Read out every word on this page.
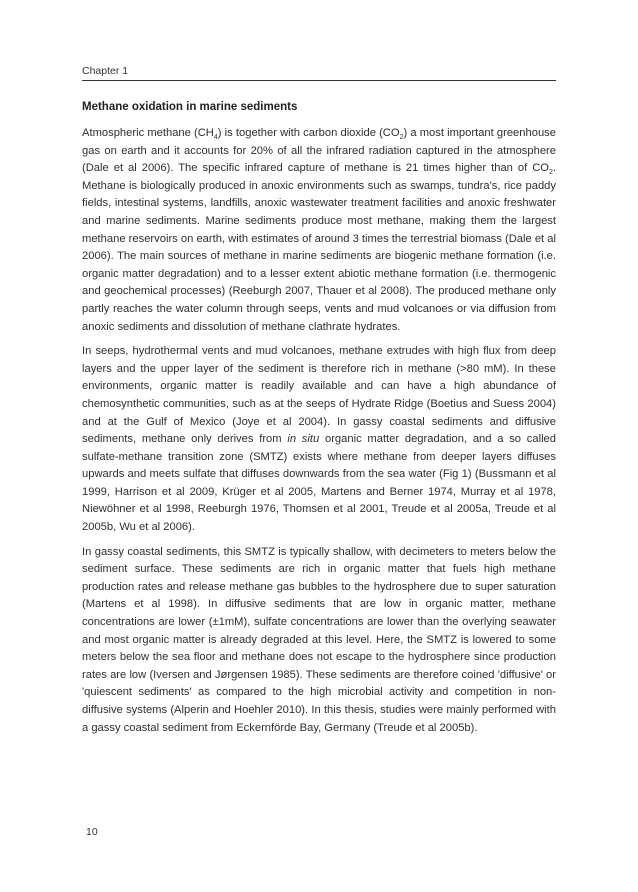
Chapter 1
Methane oxidation in marine sediments

Atmospheric methane $(CH_4)$ is together with carbon dioxide $(CO_2)$ a most important greenhouse gas on earth and it accounts for 20% of all the infrared radiation captured in the atmosphere (Dale et al 2006). The specific infrared capture of methane is 21 times higher than of $CO_2$. Methane is biologically produced in anoxic environments such as swamps, tundra's, rice paddy fields, intestinal systems, landfills, anoxic wastewater treatment facilities and anoxic freshwater and marine sediments. Marine sediments produce most methane, making them the largest methane reservoirs on earth, with estimates of around 3 times the terrestrial biomass (Dale et al 2006). The main sources of methane in marine sediments are biogenic methane formation (i.e. organic matter degradation) and to a lesser extent abiotic methane formation (i.e. thermogenic and geochemical processes) (Reeburgh 2007, Thauer et al 2008). The produced methane only partly reaches the water column through seeps, vents and mud volcanoes or via diffusion from anoxic sediments and dissolution of methane clathrate hydrates.

In seeps, hydrothermal vents and mud volcanoes, methane extrudes with high flux from deep layers and the upper layer of the sediment is therefore rich in methane (>80 mM). In these environments, organic matter is readily available and can have a high abundance of chemosynthetic communities, such as at the seeps of Hydrate Ridge (Boetius and Suess 2004) and at the Gulf of Mexico (Joye et al 2004). In gassy coastal sediments and diffusive sediments, methane only derives from in situ organic matter degradation, and a so called sulfate-methane transition zone (SMTZ) exists where methane from deeper layers diffuses upwards and meets sulfate that diffuses downwards from the sea water (Fig 1) (Bussmann et al 1999, Harrison et al 2009, Krüger et al 2005, Martens and Berner 1974, Murray et al 1978, Niewöhner et al 1998, Reeburgh 1976, Thomsen et al 2001, Treude et al 2005a, Treude et al 2005b, Wu et al 2006).

In gassy coastal sediments, this SMTZ is typically shallow, with decimeters to meters below the sediment surface. These sediments are rich in organic matter that fuels high methane production rates and release methane gas bubbles to the hydrosphere due to super saturation (Martens et al 1998). In diffusive sediments that are low in organic matter, methane concentrations are lower (±1mM), sulfate concentrations are lower than the overlying seawater and most organic matter is already degraded at this level. Here, the SMTZ is lowered to some meters below the sea floor and methane does not escape to the hydrosphere since production rates are low (Iversen and Jørgensen 1985). These sediments are therefore coined 'diffusive' or 'quiescent sediments' as compared to the high microbial activity and competition in non-diffusive systems (Alperin and Hoehler 2010). In this thesis, studies were mainly performed with a gassy coastal sediment from Eckernförde Bay, Germany (Treude et al 2005b).

10
